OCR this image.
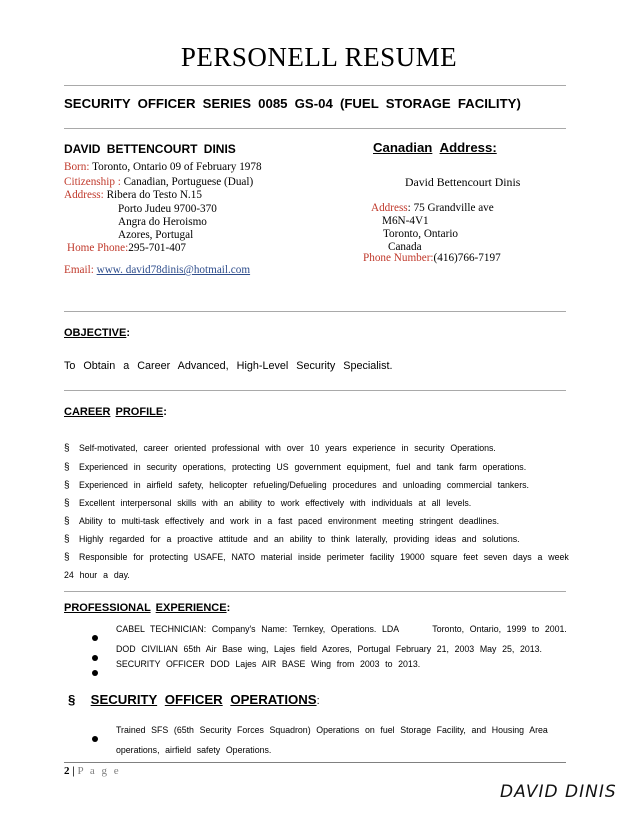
PERSONELL RESUME
SECURITY OFFICER SERIES 0085 GS-04 (FUEL STORAGE FACILITY)
DAVID BETTENCOURT DINIS
Born: Toronto, Ontario 09 of February 1978
Citizenship : Canadian, Portuguese (Dual)
Address: Ribera do Testo N.15
Porto Judeu 9700-370
Angra do Heroismo
Azores, Portugal
Home Phone:295-701-407
Email: www. david78dinis@hotmail.com
Canadian Address:
David Bettencourt Dinis
Address: 75 Grandville ave
M6N-4V1
Toronto, Ontario
Canada
Phone Number:(416)766-7197
OBJECTIVE:
To Obtain a Career Advanced, High-Level Security Specialist.
CAREER PROFILE:
§ Self-motivated, career oriented professional with over 10 years experience in security Operations.
§ Experienced in security operations, protecting US government equipment, fuel and tank farm operations.
§ Experienced in airfield safety, helicopter refueling/Defueling procedures and unloading commercial tankers.
§ Excellent interpersonal skills with an ability to work effectively with individuals at all levels.
§ Ability to multi-task effectively and work in a fast paced environment meeting stringent deadlines.
§ Highly regarded for a proactive attitude and an ability to think laterally, providing ideas and solutions.
§ Responsible for protecting USAFE, NATO material inside perimeter facility 19000 square feet seven days a week
24 hour a day.
PROFESSIONAL EXPERIENCE:
CABEL TECHNICIAN: Company's Name: Ternkey, Operations. LDA      Toronto, Ontario, 1999 to 2001.
DOD CIVILIAN 65th Air Base wing, Lajes field Azores, Portugal February 21, 2003 May 25, 2013.
SECURITY OFFICER DOD Lajes AIR BASE Wing from 2003 to 2013.
§ SECURITY OFFICER OPERATIONS:
Trained SFS (65th Security Forces Squadron) Operations on fuel Storage Facility, and Housing Area
operations, airfield safety Operations.
2 | P a g e
DAVID DINIS
